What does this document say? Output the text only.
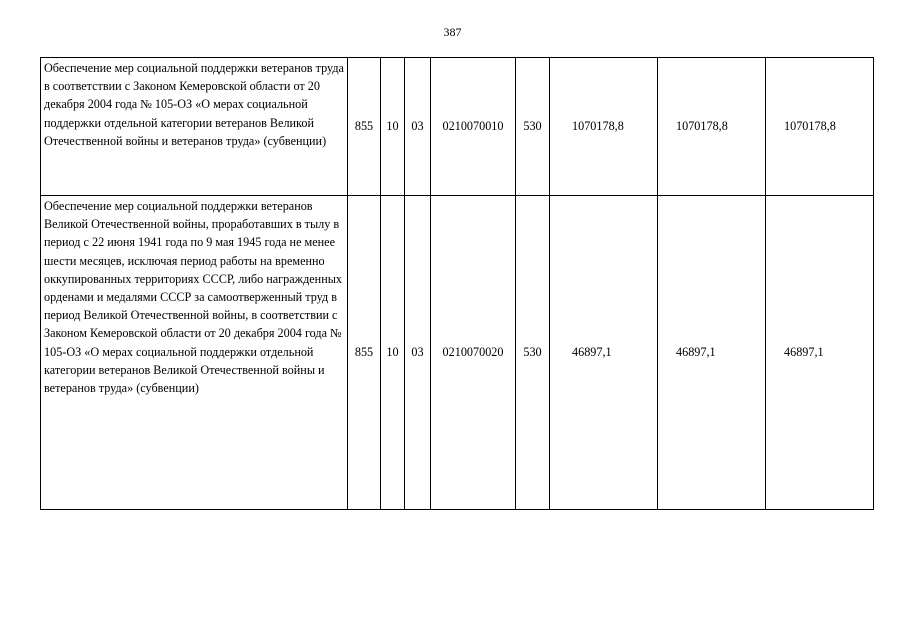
387
Обеспечение мер социальной поддержки ветеранов труда в соответствии с Законом Кемеровской области от 20 декабря 2004 года № 105-ОЗ «О мерах социальной поддержки отдельной категории ветеранов Великой Отечественной войны и ветеранов труда» (субвенции)	855	10	03	0210070010	530	1070178,8	1070178,8	1070178,8
Обеспечение мер социальной поддержки ветеранов Великой Отечественной войны, проработавших в тылу в период с 22 июня 1941 года по 9 мая 1945 года не менее шести месяцев, исключая период работы на временно оккупированных территориях СССР, либо награжденных орденами и медалями СССР за самоотверженный труд в период Великой Отечественной войны, в соответствии с Законом Кемеровской области от 20 декабря 2004 года № 105-ОЗ «О мерах социальной поддержки отдельной категории ветеранов Великой Отечественной войны и ветеранов труда» (субвенции)	855	10	03	0210070020	530	46897,1	46897,1	46897,1
